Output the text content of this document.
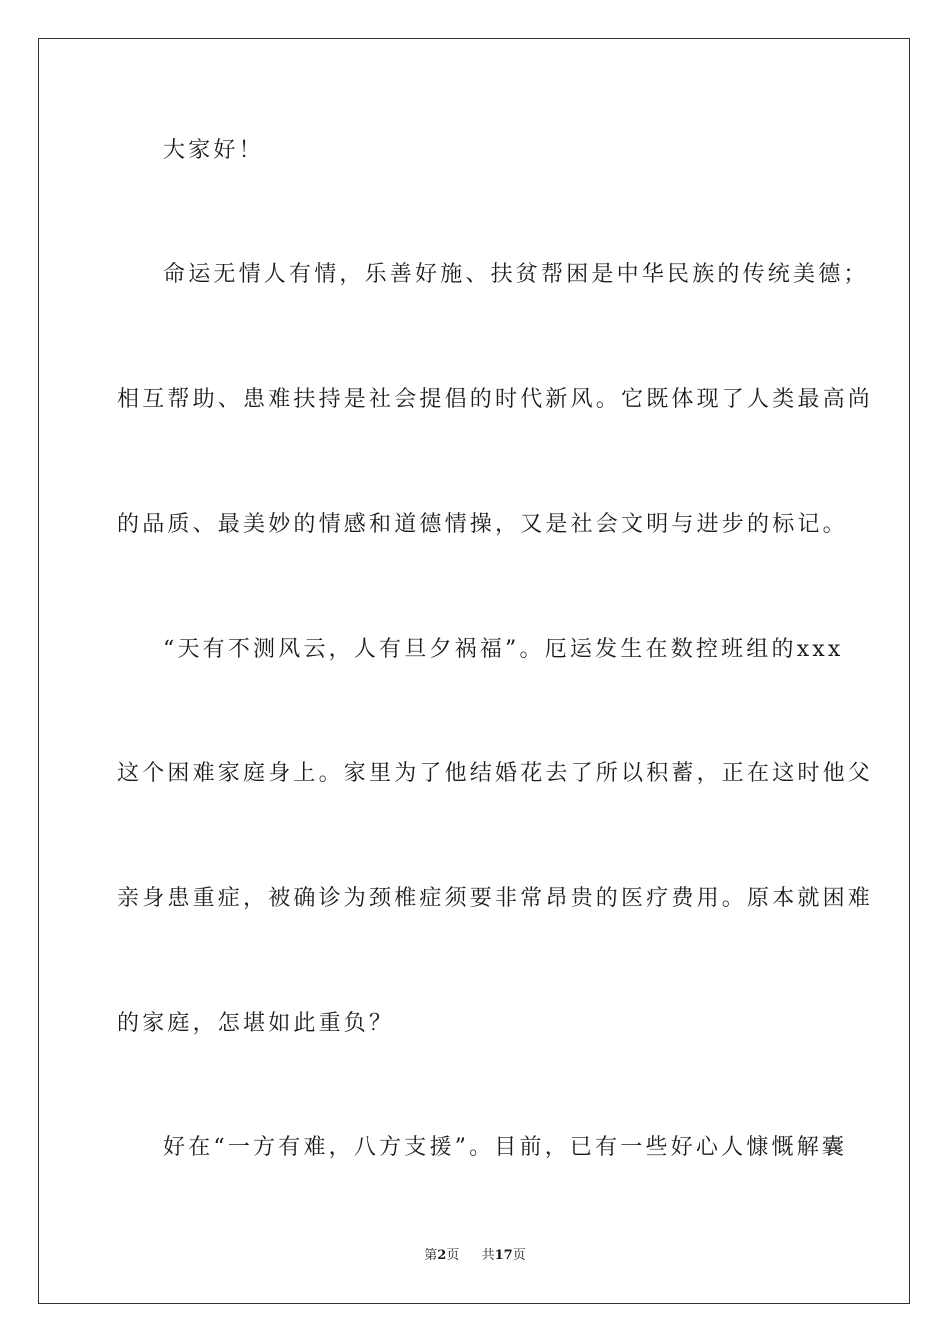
大家好！
命运无情人有情，乐善好施、扶贫帮困是中华民族的传统美德；
相互帮助、患难扶持是社会提倡的时代新风。它既体现了人类最高尚
的品质、最美妙的情感和道德情操，又是社会文明与进步的标记。
“天有不测风云，人有旦夕祸福”。厄运发生在数控班组的xxx
这个困难家庭身上。家里为了他结婚花去了所以积蓄，正在这时他父
亲身患重症，被确诊为颈椎症须要非常昂贵的医疗费用。原本就困难
的家庭，怎堪如此重负？
好在“一方有难，八方支援”。目前，已有一些好心人慷慨解囊
第2页 共17页
